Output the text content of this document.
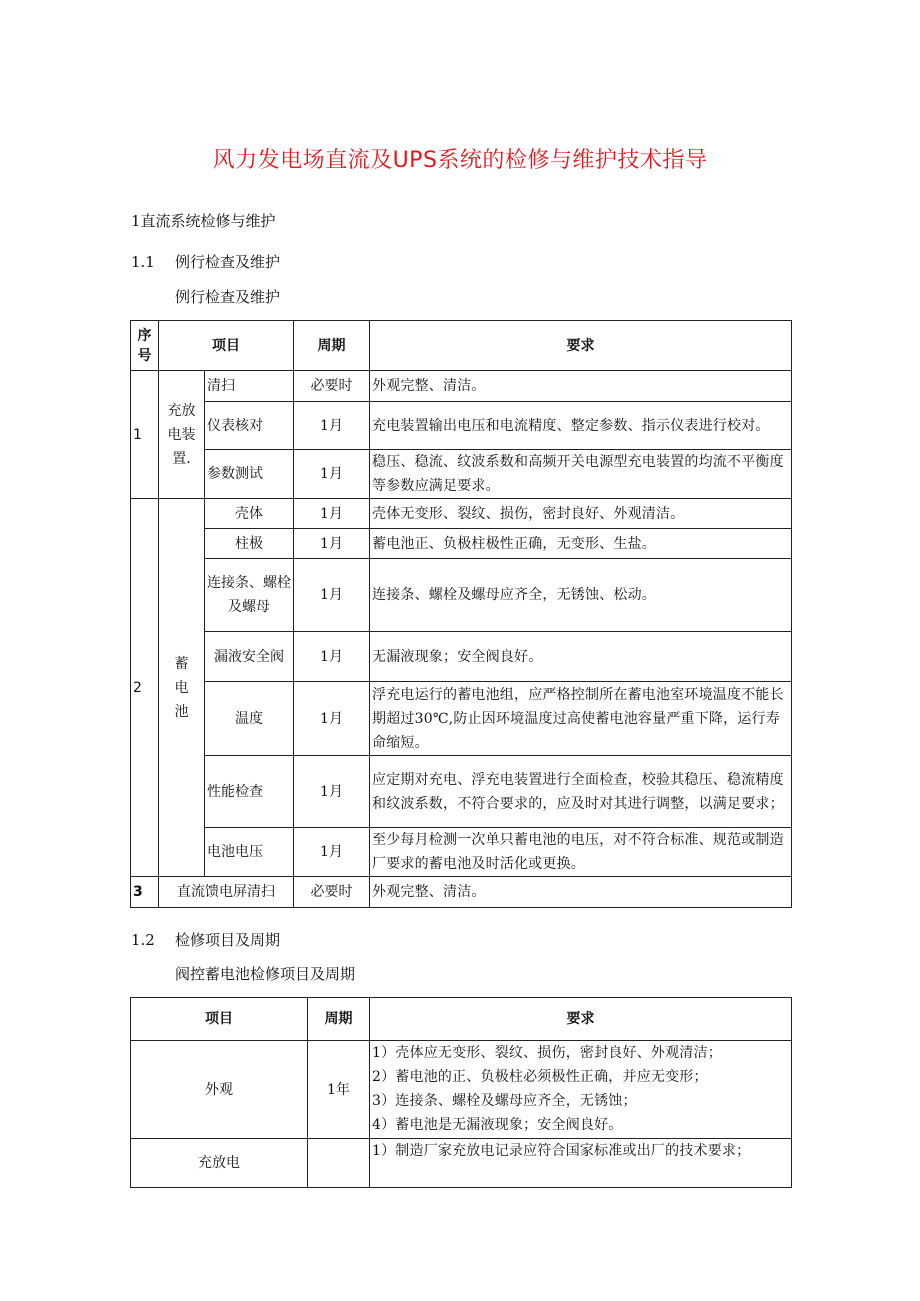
风力发电场直流及UPS系统的检修与维护技术指导
1直流系统检修与维护
1.1 例行检查及维护
例行检查及维护
序号	项目		周期	要求
1	充放电装置.	清扫	必要时	外观完整、清洁。
		仪表核对	1月	充电装置输出电压和电流精度、整定参数、指示仪表进行校对。
		参数测试	1月	稳压、稳流、纹波系数和高频开关电源型充电装置的均流不平衡度等参数应满足要求。
2	蓄电池	壳体	1月	壳体无变形、裂纹、损伤，密封良好、外观清洁。
		柱极	1月	蓄电池正、负极柱极性正确，无变形、生盐。
		连接条、螺栓及螺母	1月	连接条、螺栓及螺母应齐全，无锈蚀、松动。
		漏液安全阀	1月	无漏液现象；安全阀良好。
		温度	1月	浮充电运行的蓄电池组，应严格控制所在蓄电池室环境温度不能长期超过30℃,防止因环境温度过高使蓄电池容量严重下降，运行寿命缩短。
		性能检查	1月	应定期对充电、浮充电装置进行全面检查，校验其稳压、稳流精度和纹波系数，不符合要求的，应及时对其进行调整，以满足要求；
		电池电压	1月	至少每月检测一次单只蓄电池的电压，对不符合标准、规范或制造厂要求的蓄电池及时活化或更换。
3	直流馈电屏清扫		必要时	外观完整、清洁。
1.2 检修项目及周期
阀控蓄电池检修项目及周期
项目	周期	要求
外观	1年	1）壳体应无变形、裂纹、损伤，密封良好、外观清洁；
2）蓄电池的正、负极柱必须极性正确，并应无变形；
3）连接条、螺栓及螺母应齐全，无锈蚀；
4）蓄电池是无漏液现象；安全阀良好。

充放电		1）制造厂家充放电记录应符合国家标准或出厂的技术要求；
